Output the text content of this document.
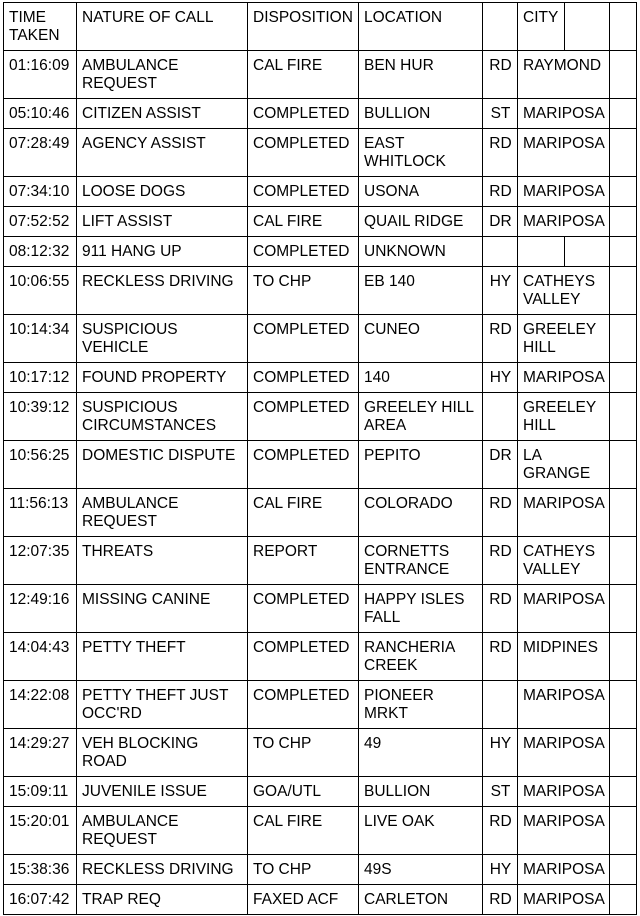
TIME TAKEN	NATURE OF CALL	DISPOSITION	LOCATION		CITY		
01:16:09	AMBULANCE REQUEST	CAL FIRE	BEN HUR	RD	RAYMOND		
05:10:46	CITIZEN ASSIST	COMPLETED	BULLION	ST	MARIPOSA		
07:28:49	AGENCY ASSIST	COMPLETED	EAST WHITLOCK	RD	MARIPOSA		
07:34:10	LOOSE DOGS	COMPLETED	USONA	RD	MARIPOSA		
07:52:52	LIFT ASSIST	CAL FIRE	QUAIL RIDGE	DR	MARIPOSA		
08:12:32	911 HANG UP	COMPLETED	UNKNOWN				
10:06:55	RECKLESS DRIVING	TO CHP	EB 140	HY	CATHEYS VALLEY		
10:14:34	SUSPICIOUS VEHICLE	COMPLETED	CUNEO	RD	GREELEY HILL		
10:17:12	FOUND PROPERTY	COMPLETED	140	HY	MARIPOSA		
10:39:12	SUSPICIOUS CIRCUMSTANCES	COMPLETED	GREELEY HILL AREA		GREELEY HILL		
10:56:25	DOMESTIC DISPUTE	COMPLETED	PEPITO	DR	LA GRANGE		
11:56:13	AMBULANCE REQUEST	CAL FIRE	COLORADO	RD	MARIPOSA		
12:07:35	THREATS	REPORT	CORNETTS ENTRANCE	RD	CATHEYS VALLEY		
12:49:16	MISSING CANINE	COMPLETED	HAPPY ISLES FALL	RD	MARIPOSA		
14:04:43	PETTY THEFT	COMPLETED	RANCHERIA CREEK	RD	MIDPINES		
14:22:08	PETTY THEFT JUST OCC'RD	COMPLETED	PIONEER MRKT		MARIPOSA		
14:29:27	VEH BLOCKING ROAD	TO CHP	49	HY	MARIPOSA		
15:09:11	JUVENILE ISSUE	GOA/UTL	BULLION	ST	MARIPOSA		
15:20:01	AMBULANCE REQUEST	CAL FIRE	LIVE OAK	RD	MARIPOSA		
15:38:36	RECKLESS DRIVING	TO CHP	49S	HY	MARIPOSA		
16:07:42	TRAP REQ	FAXED ACF	CARLETON	RD	MARIPOSA		
